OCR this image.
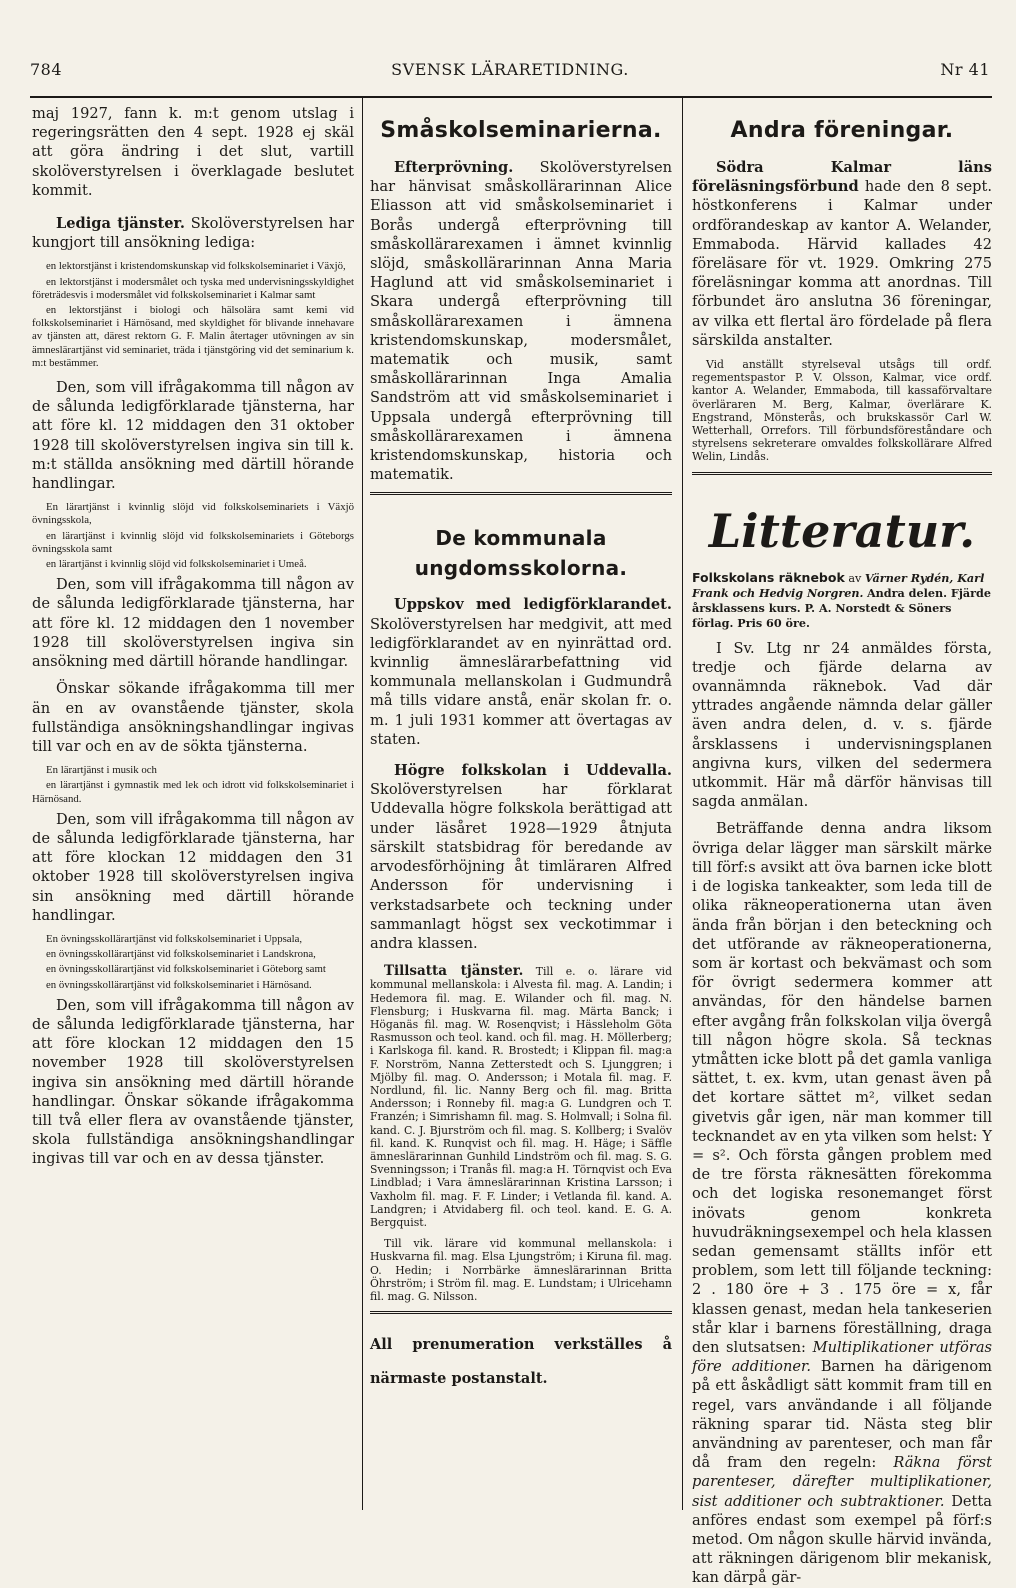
SVENSK LÄRARETIDNING.
784	Nr 41

maj 1927, fann k. m:t genom utslag i regeringsrätten den 4 sept. 1928 ej skäl att göra ändring i det slut, vartill skolöverstyrelsen i överklagade beslutet kommit.

Lediga tjänster. Skolöverstyrelsen har kungjort till ansökning lediga:

en lektorstjänst i kristendomskunskap vid folkskolseminariet i Växjö,

en lektorstjänst i modersmålet och tyska med undervisningsskyldighet företrädesvis i modersmålet vid folkskolseminariet i Kalmar samt

en lektorstjänst i biologi och hälsolära samt kemi vid folkskolseminariet i Härnösand, med skyldighet för blivande innehavare av tjänsten att, därest rektorn G. F. Malin återtager utövningen av sin ämneslärartjänst vid seminariet, träda i tjänstgöring vid det seminarium k. m:t bestämmer.

Den, som vill ifrågakomma till någon av de sålunda ledigförklarade tjänsterna, har att före kl. 12 middagen den 31 oktober 1928 till skolöverstyrelsen ingiva sin till k. m:t ställda ansökning med därtill hörande handlingar.

En lärartjänst i kvinnlig slöjd vid folkskolseminariets i Växjö övningsskola,

en lärartjänst i kvinnlig slöjd vid folkskolseminariets i Göteborgs övningsskola samt

en lärartjänst i kvinnlig slöjd vid folkskolseminariet i Umeå.

Den, som vill ifrågakomma till någon av de sålunda ledigförklarade tjänsterna, har att före kl. 12 middagen den 1 november 1928 till skolöverstyrelsen ingiva sin ansökning med därtill hörande handlingar.

Önskar sökande ifrågakomma till mer än en av ovanstående tjänster, skola fullständiga ansökningshandlingar ingivas till var och en av de sökta tjänsterna.

En lärartjänst i musik och

en lärartjänst i gymnastik med lek och idrott vid folkskolseminariet i Härnösand.

Den, som vill ifrågakomma till någon av de sålunda ledigförklarade tjänsterna, har att före klockan 12 middagen den 31 oktober 1928 till skolöverstyrelsen ingiva sin ansökning med därtill hörande handlingar.

En övningsskollärartjänst vid folkskolseminariet i Uppsala,

en övningsskollärartjänst vid folkskolseminariet i Landskrona,

en övningsskollärartjänst vid folkskolseminariet i Göteborg samt

en övningsskollärartjänst vid folkskolseminariet i Härnösand.

Den, som vill ifrågakomma till någon av de sålunda ledigförklarade tjänsterna, har att före klockan 12 middagen den 15 november 1928 till skolöverstyrelsen ingiva sin ansökning med därtill hörande handlingar. Önskar sökande ifrågakomma till två eller flera av ovanstående tjänster, skola fullständiga ansökningshandlingar ingivas till var och en av dessa tjänster.

Småskolseminarierna.

Efterprövning. Skolöverstyrelsen har hänvisat småskollärarinnan Alice Eliasson att vid småskolseminariet i Borås undergå efterprövning till småskollärarexamen i ämnet kvinnlig slöjd, småskollärarinnan Anna Maria Haglund att vid småskolseminariet i Skara undergå efterprövning till småskollärarexamen i ämnena kristendomskunskap, modersmålet, matematik och musik, samt småskollärarinnan Inga Amalia Sandström att vid småskolseminariet i Uppsala undergå efterprövning till småskollärarexamen i ämnena kristendomskunskap, historia och matematik.

De kommunala ungdomsskolorna.

Uppskov med ledigförklarandet. Skolöverstyrelsen har medgivit, att med ledigförklarandet av en nyinrättad ord. kvinnlig ämneslärarbefattning vid kommunala mellanskolan i Gudmundrå må tills vidare anstå, enär skolan fr. o. m. 1 juli 1931 kommer att övertagas av staten.

Högre folkskolan i Uddevalla. Skolöverstyrelsen har förklarat Uddevalla högre folkskola berättigad att under läsåret 1928—1929 åtnjuta särskilt statsbidrag för beredande av arvodesförhöjning åt timläraren Alfred Andersson för undervisning i verkstadsarbete och teckning under sammanlagt högst sex veckotimmar i andra klassen.

Tillsatta tjänster. Till e. o. lärare vid kommunal mellanskola: i Alvesta fil. mag. A. Landin; i Hedemora fil. mag. E. Wilander och fil. mag. N. Flensburg; i Huskvarna fil. mag. Märta Banck; i Höganäs fil. mag. W. Rosenqvist; i Hässleholm Göta Rasmusson och teol. kand. och fil. mag. H. Möllerberg; i Karlskoga fil. kand. R. Brostedt; i Klippan fil. mag:a F. Norström, Nanna Zetterstedt och S. Ljunggren; i Mjölby fil. mag. O. Andersson; i Motala fil. mag. F. Nordlund, fil. lic. Nanny Berg och fil. mag. Britta Andersson; i Ronneby fil. mag:a G. Lundgren och T. Franzén; i Simrishamn fil. mag. S. Holmvall; i Solna fil. kand. C. J. Bjurström och fil. mag. S. Kollberg; i Svalöv fil. kand. K. Runqvist och fil. mag. H. Häge; i Säffle ämneslärarinnan Gunhild Lindström och fil. mag. S. G. Svenningsson; i Tranås fil. mag:a H. Törnqvist och Eva Lindblad; i Vara ämneslärarinnan Kristina Larsson; i Vaxholm fil. mag. F. F. Linder; i Vetlanda fil. kand. A. Landgren; i Atvidaberg fil. och teol. kand. E. G. A. Bergquist.

Till vik. lärare vid kommunal mellanskola: i Huskvarna fil. mag. Elsa Ljungström; i Kiruna fil. mag. O. Hedin; i Norrbärke ämneslärarinnan Britta Öhrström; i Ström fil. mag. E. Lundstam; i Ulricehamn fil. mag. G. Nilsson.

All prenumeration verkställes å närmaste postanstalt.
Andra föreningar.

Södra Kalmar läns föreläsningsförbund hade den 8 sept. höstkonferens i Kalmar under ordförandeskap av kantor A. Welander, Emmaboda. Härvid kallades 42 föreläsare för vt. 1929. Omkring 275 föreläsningar komma att anordnas. Till förbundet äro anslutna 36 föreningar, av vilka ett flertal äro fördelade på flera särskilda anstalter.

Vid anställt styrelseval utsågs till ordf. regementspastor P. V. Olsson, Kalmar, vice ordf. kantor A. Welander, Emmaboda, till kassaförvaltare överläraren M. Berg, Kalmar, överlärare K. Engstrand, Mönsterås, och brukskassör Carl W. Wetterhall, Orrefors. Till förbundsföreståndare och styrelsens sekreterare omvaldes folkskollärare Alfred Welin, Lindås.

Litteratur.

Folkskolans räknebok av Värner Rydén, Karl Frank och Hedvig Norgren. Andra delen. Fjärde årsklassens kurs. P. A. Norstedt & Söners förlag. Pris 60 öre.

I Sv. Ltg nr 24 anmäldes första, tredje och fjärde delarna av ovannämnda räknebok. Vad där yttrades angående nämnda delar gäller även andra delen, d. v. s. fjärde årsklassens i undervisningsplanen angivna kurs, vilken del sedermera utkommit. Här må därför hänvisas till sagda anmälan.

Beträffande denna andra liksom övriga delar lägger man särskilt märke till förf:s avsikt att öva barnen icke blott i de logiska tankeakter, som leda till de olika räkneoperationerna utan även ända från början i den beteckning och det utförande av räkneoperationerna, som är kortast och bekvämast och som för övrigt sedermera kommer att användas, för den händelse barnen efter avgång från folkskolan vilja övergå till någon högre skola. Så tecknas ytmåtten icke blott på det gamla vanliga sättet, t. ex. kvm, utan genast även på det kortare sättet m², vilket sedan givetvis går igen, när man kommer till tecknandet av en yta vilken som helst: Y = s². Och första gången problem med de tre första räknesätten förekomma och det logiska resonemanget först inövats genom konkreta huvudräkningsexempel och hela klassen sedan gemensamt ställts inför ett problem, som lett till följande teckning: 2 . 180 öre + 3 . 175 öre = x, får klassen genast, medan hela tankeserien står klar i barnens föreställning, draga den slutsatsen: Multiplikationer utföras före additioner. Barnen ha därigenom på ett åskådligt sätt kommit fram till en regel, vars användande i all följande räkning sparar tid. Nästa steg blir användning av parenteser, och man får då fram den regeln: Räkna först parenteser, därefter multiplikationer, sist additioner och subtraktioner. Detta anföres endast som exempel på förf:s metod. Om någon skulle härvid invända, att räkningen därigenom blir mekanisk, kan därpå gär-
